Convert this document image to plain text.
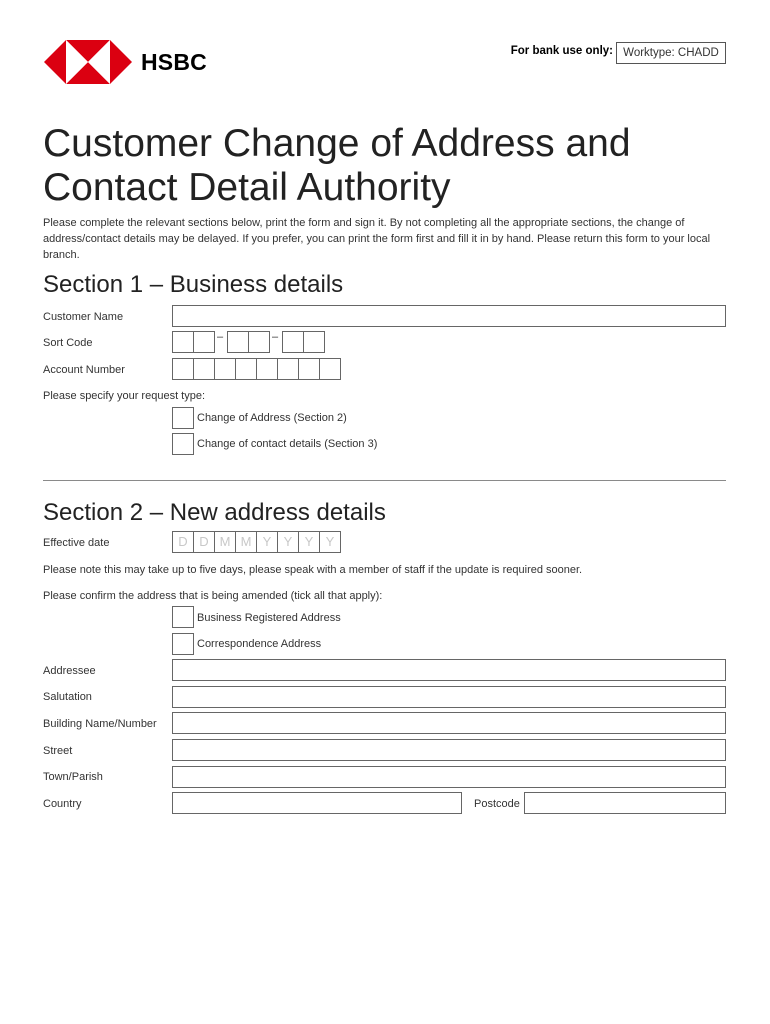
HSBC	For bank use only: Worktype: CHADD
Customer Change of Address and Contact Detail Authority
Please complete the relevant sections below, print the form and sign it. By not completing all the appropriate sections, the change of address/contact details may be delayed. If you prefer, you can print the form first and fill it in by hand. Please return this form to your local branch.
Section 1 – Business details
Customer Name
Sort Code	–	–
Account Number
Please specify your request type:
Change of Address (Section 2)
Change of contact details (Section 3)
Section 2 – New address details
Effective date	D D M M Y Y Y Y
Please note this may take up to five days, please speak with a member of staff if the update is required sooner.
Please confirm the address that is being amended (tick all that apply):
Business Registered Address
Correspondence Address
Addressee
Salutation
Building Name/Number
Street
Town/Parish
Country	Postcode
